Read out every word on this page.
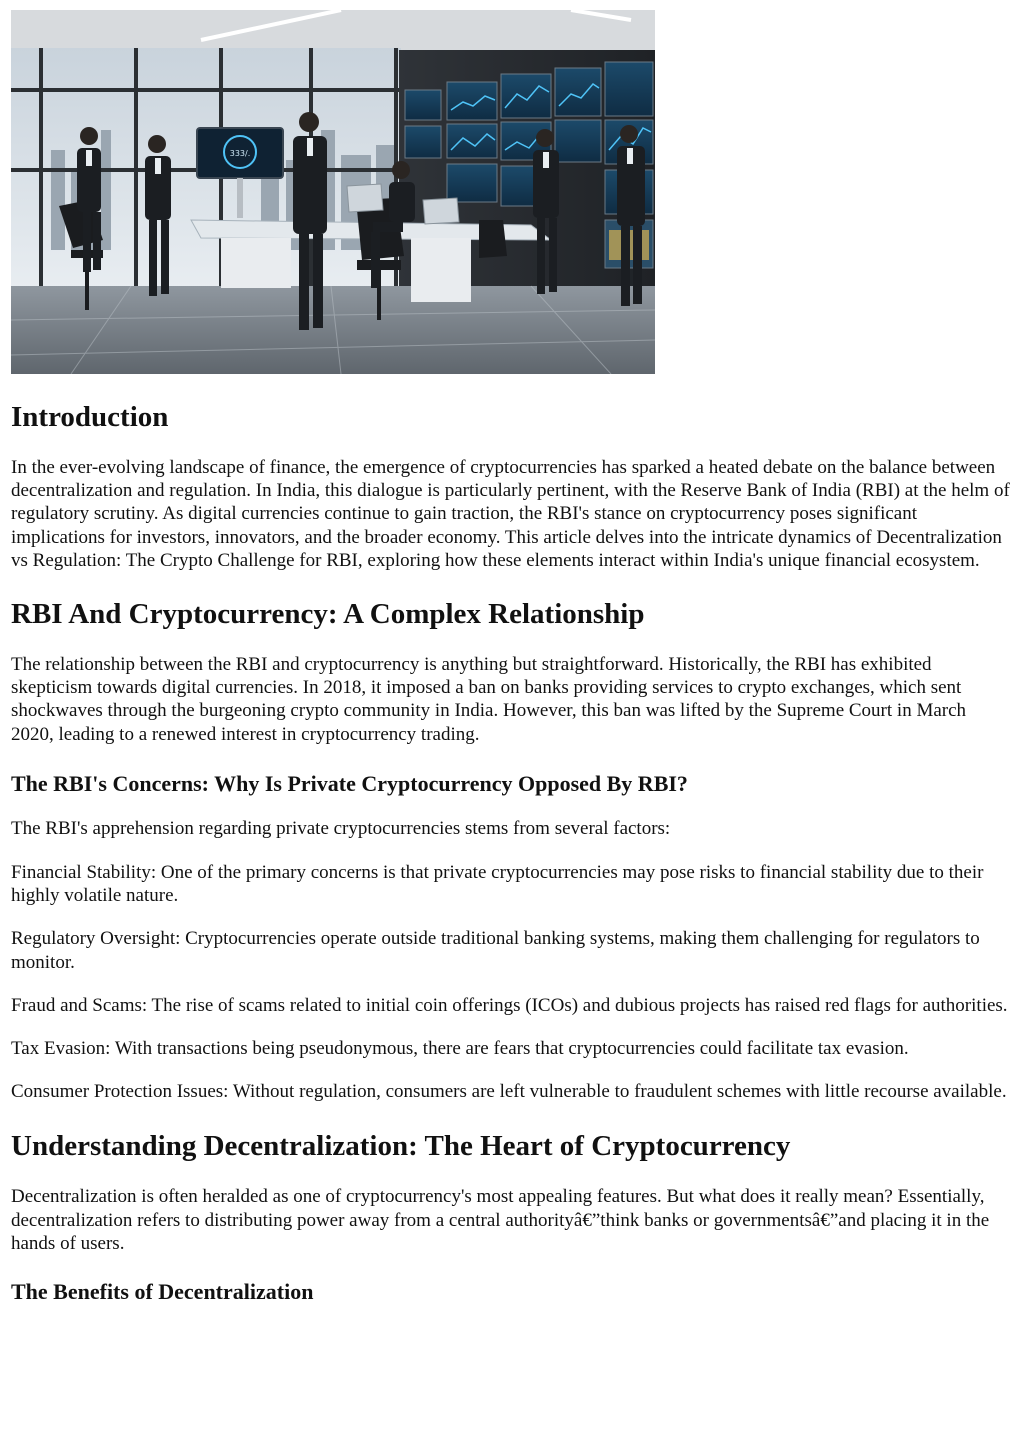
333/.
Introduction

In the ever-evolving landscape of finance, the emergence of cryptocurrencies has sparked a heated debate on the balance between decentralization and regulation. In India, this dialogue is particularly pertinent, with the Reserve Bank of India (RBI) at the helm of regulatory scrutiny. As digital currencies continue to gain traction, the RBI's stance on cryptocurrency poses significant implications for investors, innovators, and the broader economy. This article delves into the intricate dynamics of Decentralization vs Regulation: The Crypto Challenge for RBI, exploring how these elements interact within India's unique financial ecosystem.

RBI And Cryptocurrency: A Complex Relationship

The relationship between the RBI and cryptocurrency is anything but straightforward. Historically, the RBI has exhibited skepticism towards digital currencies. In 2018, it imposed a ban on banks providing services to crypto exchanges, which sent shockwaves through the burgeoning crypto community in India. However, this ban was lifted by the Supreme Court in March 2020, leading to a renewed interest in cryptocurrency trading.

The RBI's Concerns: Why Is Private Cryptocurrency Opposed By RBI?

The RBI's apprehension regarding private cryptocurrencies stems from several factors:

Financial Stability: One of the primary concerns is that private cryptocurrencies may pose risks to financial stability due to their highly volatile nature.

Regulatory Oversight: Cryptocurrencies operate outside traditional banking systems, making them challenging for regulators to monitor.

Fraud and Scams: The rise of scams related to initial coin offerings (ICOs) and dubious projects has raised red flags for authorities.

Tax Evasion: With transactions being pseudonymous, there are fears that cryptocurrencies could facilitate tax evasion.

Consumer Protection Issues: Without regulation, consumers are left vulnerable to fraudulent schemes with little recourse available.

Understanding Decentralization: The Heart of Cryptocurrency

Decentralization is often heralded as one of cryptocurrency's most appealing features. But what does it really mean? Essentially, decentralization refers to distributing power away from a central authorityâ€”think banks or governmentsâ€”and placing it in the hands of users.

The Benefits of Decentralization
